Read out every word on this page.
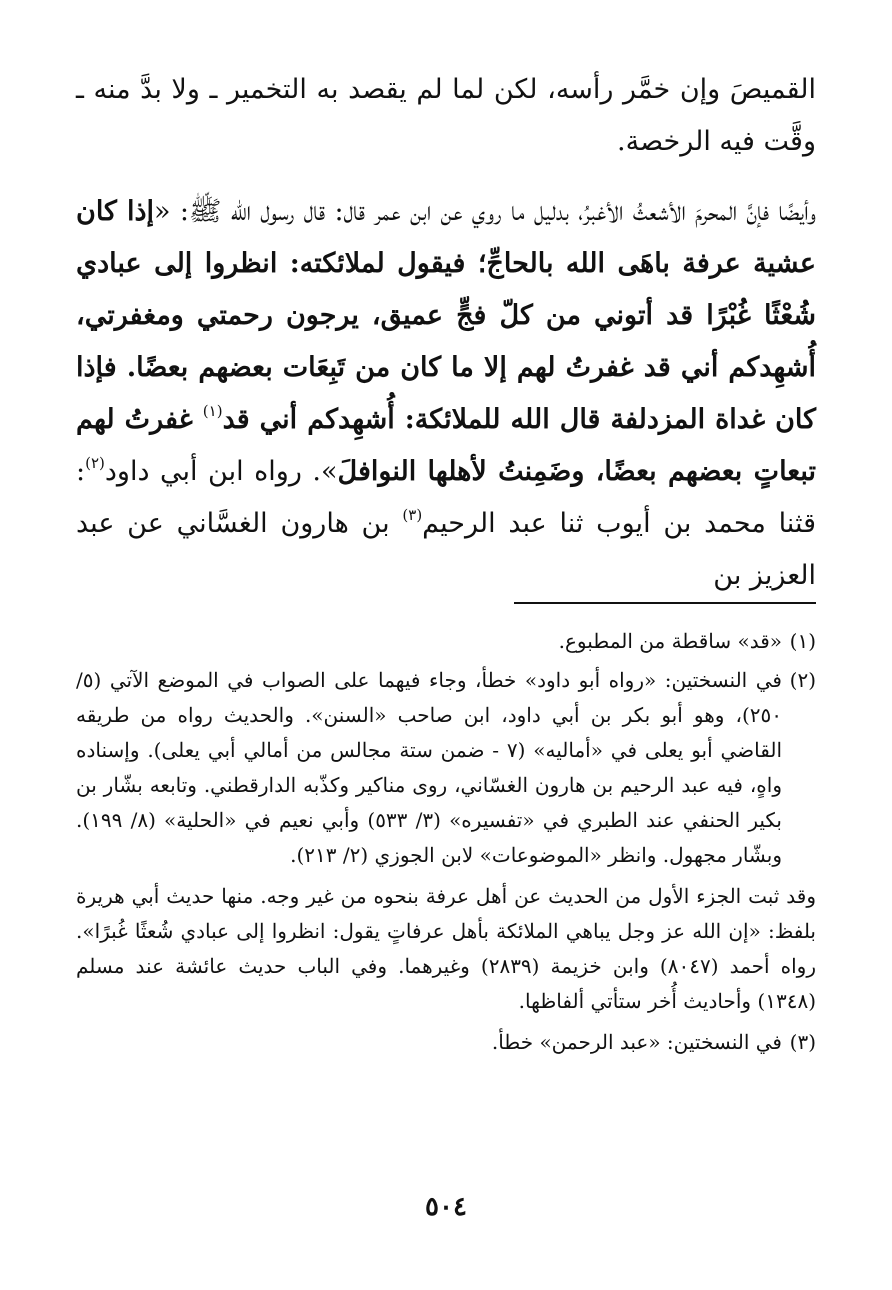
القميصَ وإن خمَّر رأسه، لكن لما لم يقصد به التخمير ـ ولا بدَّ منه ـ وقَّت فيه الرخصة.

وأيضًا فإنَّ المحرمَ الأشعثُ الأغبرُ، بدليل ما روي عن ابن عمر قال: قال رسول الله ﷺ: «إذا كان عشية عرفة باهَى الله بالحاجِّ؛ فيقول لملائكته: انظروا إلى عبادي شُعْثًا غُبْرًا قد أتوني من كلّ فجٍّ عميق، يرجون رحمتي ومغفرتي، أُشهِدكم أني قد غفرتُ لهم إلا ما كان من تَبِعَات بعضهم بعضًا. فإذا كان غداة المزدلفة قال الله للملائكة: أُشهِدكم أني قد$^{(١)}$ غفرتُ لهم تبعاتٍ بعضهم بعضًا، وضَمِنتُ لأهلها النوافلَ». رواه ابن أبي داود$^{(٢)}$: قثنا محمد بن أيوب ثنا عبد الرحيم$^{(٣)}$ بن هارون الغسَّاني عن عبد العزيز بن

(١)
«قد» ساقطة من المطبوع.
(٢)
في النسختين: «رواه أبو داود» خطأ، وجاء فيهما على الصواب في الموضع الآتي (٥/ ٢٥٠)، وهو أبو بكر بن أبي داود، ابن صاحب «السنن». والحديث رواه من طريقه القاضي أبو يعلى في «أماليه» (٧ - ضمن ستة مجالس من أمالي أبي يعلى). وإسناده واهٍ، فيه عبد الرحيم بن هارون الغسّاني، روى مناكير وكذّبه الدارقطني. وتابعه بشّار بن بكير الحنفي عند الطبري في «تفسيره» (٣/ ٥٣٣) وأبي نعيم في «الحلية» (٨/ ١٩٩). وبشّار مجهول. وانظر «الموضوعات» لابن الجوزي (٢/ ٢١٣).
وقد ثبت الجزء الأول من الحديث عن أهل عرفة بنحوه من غير وجه. منها حديث أبي هريرة بلفظ: «إن الله عز وجل يباهي الملائكة بأهل عرفاتٍ يقول: انظروا إلى عبادي شُعثًا غُبرًا». رواه أحمد (٨٠٤٧) وابن خزيمة (٢٨٣٩) وغيرهما. وفي الباب حديث عائشة عند مسلم (١٣٤٨) وأحاديث أُخر ستأتي ألفاظها.
(٣)
في النسختين: «عبد الرحمن» خطأ.
٥٠٤
